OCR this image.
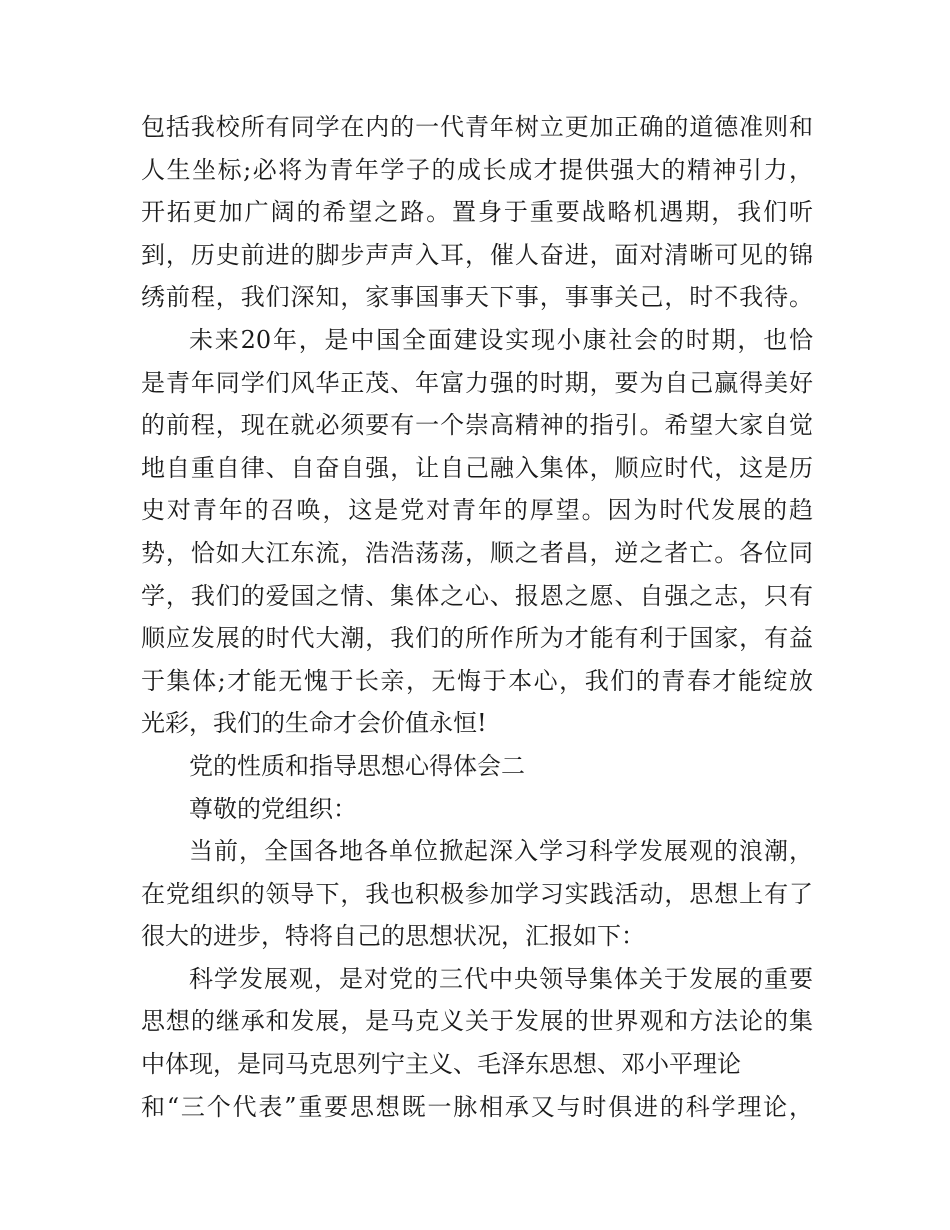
包括我校所有同学在内的一代青年树立更加正确的道德准则和
人生坐标;必将为青年学子的成长成才提供强大的精神引力，
开拓更加广阔的希望之路。置身于重要战略机遇期，我们听
到，历史前进的脚步声声入耳，催人奋进，面对清晰可见的锦
绣前程，我们深知，家事国事天下事，事事关己，时不我待。
未来20年，是中国全面建设实现小康社会的时期，也恰
是青年同学们风华正茂、年富力强的时期，要为自己赢得美好
的前程，现在就必须要有一个崇高精神的指引。希望大家自觉
地自重自律、自奋自强，让自己融入集体，顺应时代，这是历
史对青年的召唤，这是党对青年的厚望。因为时代发展的趋
势，恰如大江东流，浩浩荡荡，顺之者昌，逆之者亡。各位同
学，我们的爱国之情、集体之心、报恩之愿、自强之志，只有
顺应发展的时代大潮，我们的所作所为才能有利于国家，有益
于集体;才能无愧于长亲，无悔于本心，我们的青春才能绽放
光彩，我们的生命才会价值永恒!
党的性质和指导思想心得体会二
尊敬的党组织：
当前，全国各地各单位掀起深入学习科学发展观的浪潮，
在党组织的领导下，我也积极参加学习实践活动，思想上有了
很大的进步，特将自己的思想状况，汇报如下：
科学发展观，是对党的三代中央领导集体关于发展的重要
思想的继承和发展，是马克义关于发展的世界观和方法论的集
中体现，是同马克思列宁主义、毛泽东思想、邓小平理论
和“三个代表”重要思想既一脉相承又与时俱进的科学理论，
